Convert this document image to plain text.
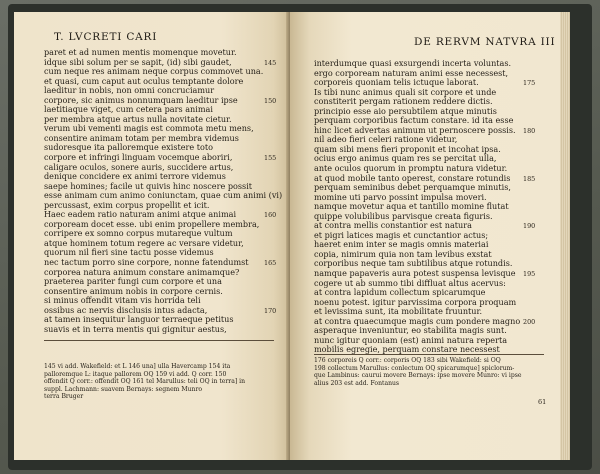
T. LVCRETI CARI
paret et ad numen mentis momenque movetur.
idque sibi solum per se sapit, (id) sibi gaudet,
cum neque res animam neque corpus commovet una.
et quasi, cum caput aut oculus temptante dolore
laeditur in nobis, non omni concruciamur
corpore, sic animus nonnumquam laeditur ipse
laetitiaque viget, cum cetera pars animai
per membra atque artus nulla novitate cietur.
verum ubi vementi magis est commota metu mens,
consentire animam totam per membra videmus
sudoresque ita palloremque existere toto
corpore et infringi linguam vocemque aboriri,
caligare oculos, sonere auris, succidere artus,
denique concidere ex animi terrore videmus
saepe homines; facile ut quivis hinc noscere possit
esse animam cum animo coniunctam, quae cum animi (vi)
percussast, exim corpus propellit et icit.
Haec eadem ratio naturam animi atque animai
corpoream docet esse. ubi enim propellere membra,
corripere ex somno corpus mutareque vultum
atque hominem totum regere ac versare videtur,
quorum nil fieri sine tactu posse videmus
nec tactum porro sine corpore, nonne fatendumst
corporea natura animum constare animamque?
praeterea pariter fungi cum corpore et una
consentire animum nobis in corpore cernis.
si minus offendit vitam vis horrida teli
ossibus ac nervis disclusis intus adacta,
at tamen insequitur languor terraeque petitus
suavis et in terra mentis qui gignitur aestus,
145
150
155
160
165
170
145 vi add. Wakefield: et L 146 una] ulla Havercamp 154 ita
palloremque L: itaque pallorem OQ 159 vi add. Q corr. 150
offendit Q corr.: offendit OQ 161 tel Marullus: teli OQ in terra] in
suppl. Lachmann: suavem Bernays: segnem Munro
terra Bruger
DE RERVM NATVRA III
interdumque quasi exsurgendi incerta voluntas.
ergo corpoream naturam animi esse necessest,
corporeis quoniam telis ictuque laborat.
Is tibi nunc animus quali sit corpore et unde
constiterit pergam rationem reddere dictis.
principio esse aio persubtilem atque minutis
perquam corporibus factum constare. id ita esse
hinc licet advertas animum ut pernoscere possis.
nil adeo fieri celeri ratione videtur,
quam sibi mens fieri proponit et incohat ipsa.
ocius ergo animus quam res se percitat ulla,
ante oculos quorum in promptu natura videtur.
at quod mobile tanto operest, constare rotundis
perquam seminibus debet perquamque minutis,
momine uti parvo possint impulsa moveri.
namque movetur aqua et tantillo momine flutat
quippe volubilibus parvisque creata figuris.
at contra mellis constantior est natura
et pigri latices magis et cunctantior actus;
haeret enim inter se magis omnis materiai
copia, nimirum quia non tam levibus exstat
corporibus neque tam subtilibus atque rotundis.
namque papaveris aura potest suspensa levisque
cogere ut ab summo tibi diffluat altus acervus:
at contra lapidum collectum spicarumque
noenu potest. igitur parvissima corpora proquam
et levissima sunt, ita mobilitate fruuntur.
at contra quaecumque magis cum pondere magno
asperaque inveniuntur, eo stabilita magis sunt.
nunc igitur quoniam (est) animi natura reperta
mobilis egregie, perquam constare necessest
175
180
185
190
195
200
176 corporeis Q corr.: corporis OQ 183 sibi Wakefield: si OQ
198 collectum Marullus: conlectum OQ spicarumque] spiclorum-
que Lambinus: caurui movere Bernays: ipse movere Munro: vi ipse
alius 203 est add. Fontanus
61
